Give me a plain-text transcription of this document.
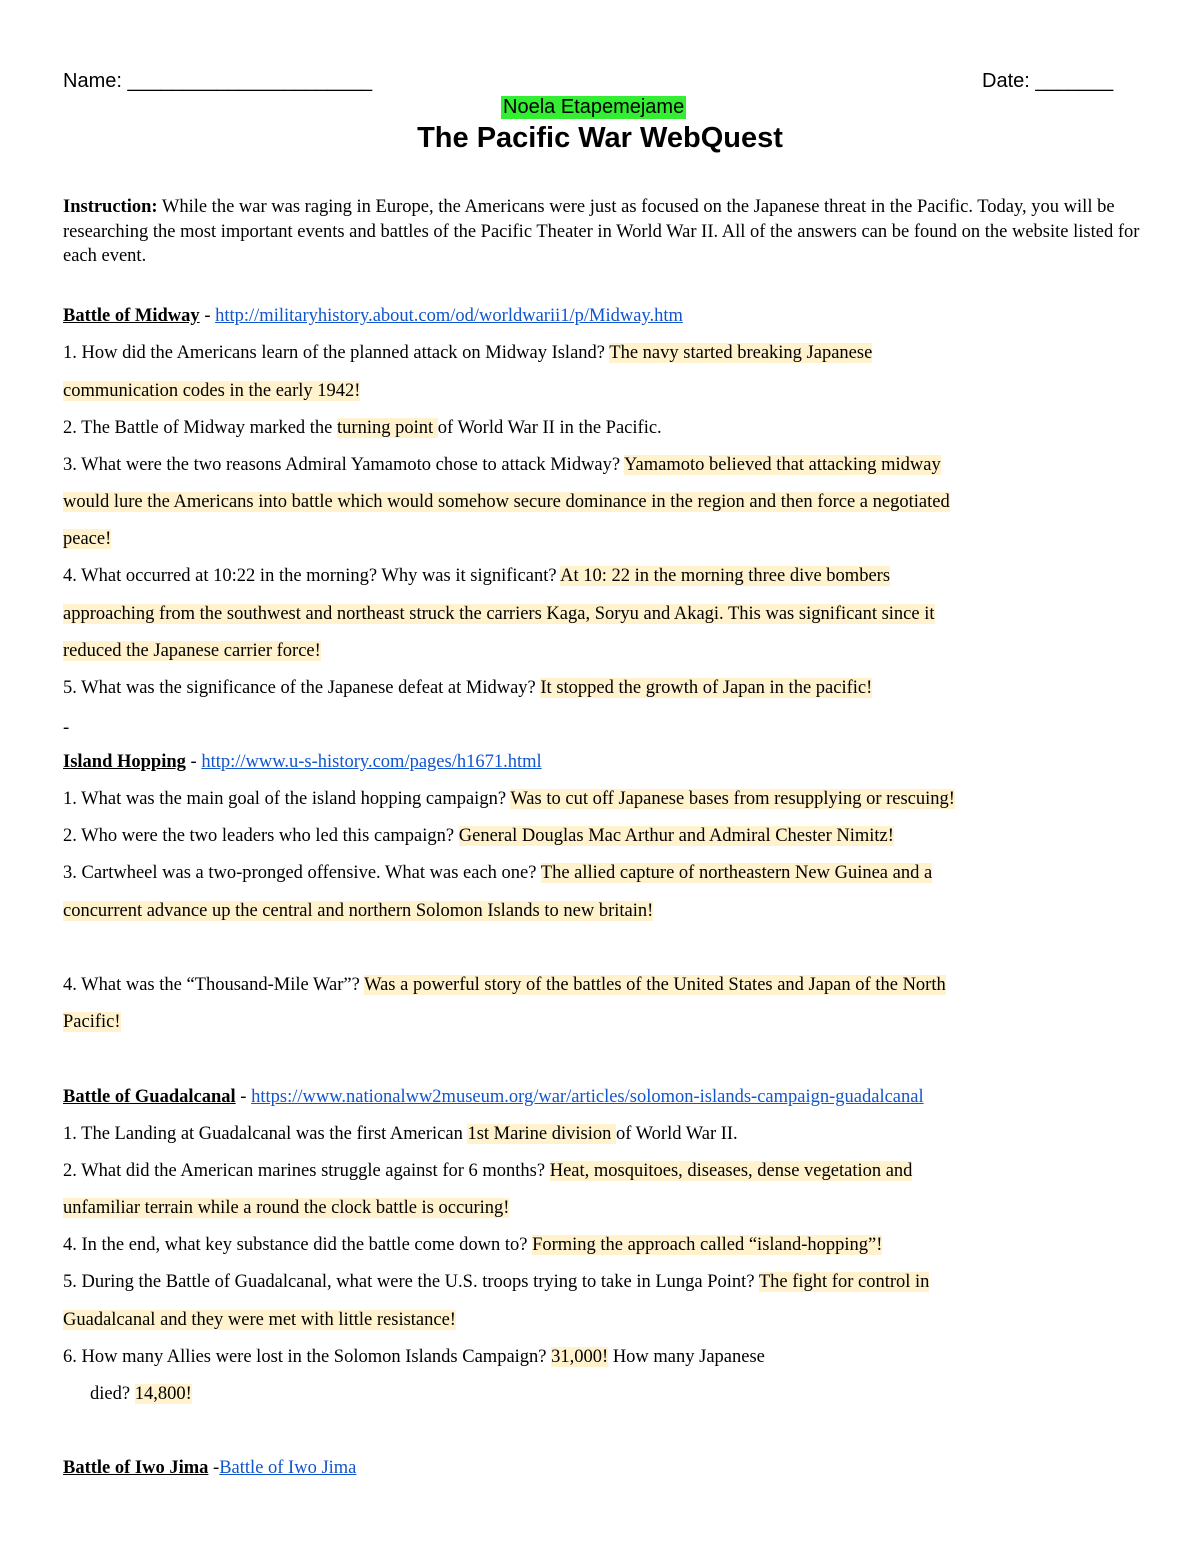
Name: ______________________	Date: _______
Noela Etapemejame
The Pacific War WebQuest
Instruction: While the war was raging in Europe, the Americans were just as focused on the Japanese threat in the Pacific. Today, you will be researching the most important events and battles of the Pacific Theater in World War II. All of the answers can be found on the website listed for each event.
Battle of Midway - http://militaryhistory.about.com/od/worldwarii1/p/Midway.htm
1. How did the Americans learn of the planned attack on Midway Island? The navy started breaking Japanese
communication codes in the early 1942!
2. The Battle of Midway marked the turning point of World War II in the Pacific.
3. What were the two reasons Admiral Yamamoto chose to attack Midway? Yamamoto believed that attacking midway
would lure the Americans into battle which would somehow secure dominance in the region and then force a negotiated
peace!
4. What occurred at 10:22 in the morning? Why was it significant? At 10: 22 in the morning three dive bombers
approaching from the southwest and northeast struck the carriers Kaga, Soryu and Akagi. This was significant since it
reduced the Japanese carrier force!
5. What was the significance of the Japanese defeat at Midway? It stopped the growth of Japan in the pacific!
-
Island Hopping - http://www.u-s-history.com/pages/h1671.html
1. What was the main goal of the island hopping campaign? Was to cut off Japanese bases from resupplying or rescuing!
2. Who were the two leaders who led this campaign? General Douglas Mac Arthur and Admiral Chester Nimitz!
3. Cartwheel was a two-pronged offensive. What was each one? The allied capture of northeastern New Guinea and a
concurrent advance up the central and northern Solomon Islands to new britain!
4. What was the “Thousand-Mile War”? Was a powerful story of the battles of the United States and Japan of the North
Pacific!
Battle of Guadalcanal - https://www.nationalww2museum.org/war/articles/solomon-islands-campaign-guadalcanal
1. The Landing at Guadalcanal was the first American 1st Marine division of World War II.
2. What did the American marines struggle against for 6 months? Heat, mosquitoes, diseases, dense vegetation and
unfamiliar terrain while a round the clock battle is occuring!
4. In the end, what key substance did the battle come down to? Forming the approach called “island-hopping”!
5. During the Battle of Guadalcanal, what were the U.S. troops trying to take in Lunga Point? The fight for control in
Guadalcanal and they were met with little resistance!
6. How many Allies were lost in the Solomon Islands Campaign? 31,000! How many Japanese
died? 14,800!
Battle of Iwo Jima -Battle of Iwo Jima
